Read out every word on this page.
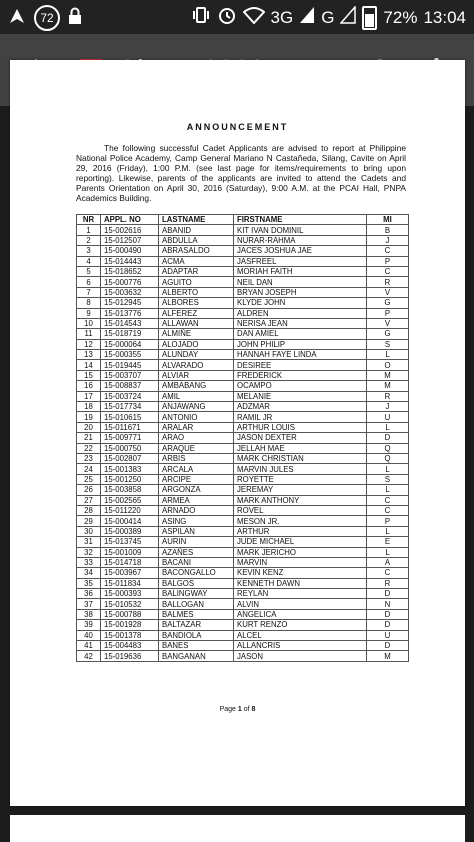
72	3G G	72% 13:04
ANNOUNCEMENT

The following successful Cadet Applicants are advised to report at Philippine National Police Academy, Camp General Mariano N Castañeda, Silang, Cavite on April 29, 2016 (Friday), 1:00 P.M. (see last page for items/requirements to bring upon reporting). Likewise, parents of the applicants are invited to attend the Cadets and Parents Orientation on April 30, 2016 (Saturday), 9:00 A.M. at the PCAI Hall, PNPA Academics Building.

NR	APPL. NO	LASTNAME	FIRSTNAME	MI
1	15-002616	ABANID	KIT IVAN DOMINIL	B
2	15-012507	ABDULLA	NURAR-RAHMA	J
3	15-000490	ABRASALDO	JACES JOSHUA JAE	C
4	15-014443	ACMA	JASFREEL	P
5	15-018652	ADAPTAR	MORIAH FAITH	C
6	15-000776	AGUITO	NEIL DAN	R
7	15-003632	ALBERTO	BRYAN JOSEPH	V
8	15-012945	ALBORES	KLYDE JOHN	G
9	15-013776	ALFEREZ	ALDREN	P
10	15-014543	ALLAWAN	NERISA JEAN	V
11	15-018719	ALMIÑE	DAN AMIEL	G
12	15-000064	ALOJADO	JOHN PHILIP	S
13	15-000355	ALUNDAY	HANNAH FAYE LINDA	L
14	15-019445	ALVARADO	DESIREE	O
15	15-003707	ALVIAR	FREDERICK	M
16	15-008837	AMBABANG	OCAMPO	M
17	15-003724	AMIL	MELANIE	R
18	15-017734	ANJAWANG	ADZMAR	J
19	15-010615	ANTONIO	RAMIL JR	U
20	15-011671	ARALAR	ARTHUR LOUIS	L
21	15-009771	ARAO	JASON DEXTER	D
22	15-000750	ARAQUE	JELLAH MAE	Q
23	15-002807	ARBIS	MARK CHRISTIAN	Q
24	15-001383	ARCALA	MARVIN JULES	L
25	15-001250	ARCIPE	ROYETTE	S
26	15-003858	ARGONZA	JEREMAY	L
27	15-002565	ARMEA	MARK ANTHONY	C
28	15-011220	ARNADO	ROVEL	C
29	15-000414	ASING	MESON JR.	P
30	15-000389	ASPILAN	ARTHUR	L
31	15-013745	AURIN	JUDE MICHAEL	E
32	15-001009	AZAÑES	MARK JERICHO	L
33	15-014718	BACANI	MARVIN	A
34	15-003967	BACONGALLO	KEVIN KENZ	C
35	15-011834	BALGOS	KENNETH DAWN	R
36	15-000393	BALINGWAY	REYLAN	D
37	15-010532	BALLOGAN	ALVIN	N
38	15-000788	BALMES	ANGELICA	D
39	15-001928	BALTAZAR	KURT RENZO	D
40	15-001378	BANDIOLA	ALCEL	U
41	15-004483	BANES	ALLANCRIS	D
42	15-019636	BANGANAN	JASON	M
Page 1 of 8
